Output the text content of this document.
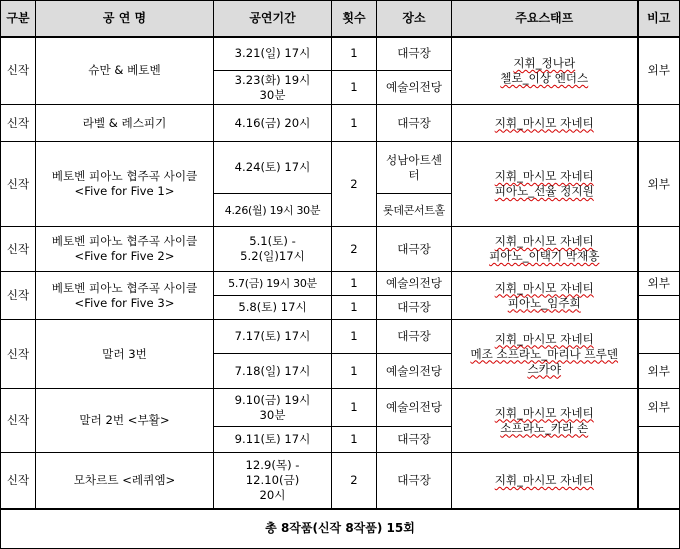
구분	공 연 명	공연기간	횟수	장소	주요스태프	비고
신작	슈만 & 베토벤	3.21(일) 17시	1	대극장	지휘_정나라
첼로_이상 엔더스	외부
		3.23(화) 19시
30분	1	예술의전당		
신작	라벨 & 레스피기	4.16(금) 20시	1	대극장	지휘_마시모 자네티	
신작	베토벤 피아노 협주곡 사이클
<Five for Five 1>	4.24(토) 17시	2	성남아트센
터	지휘_마시모 자네티
피아노_선율 정지원	외부
		4.26(월) 19시 30분		롯데콘서트홀		
신작	베토벤 피아노 협주곡 사이클
<Five for Five 2>	5.1(토) -
5.2(일)17시	2	대극장	지휘_마시모 자네티
피아노_이택기 박재홍	
신작	베토벤 피아노 협주곡 사이클
<Five for Five 3>	5.7(금) 19시 30분	1	예술의전당	지휘_마시모 자네티
피아노_임주희	외부
		5.8(토) 17시	1	대극장		
신작	말러 3번	7.17(토) 17시	1	대극장	지휘_마시모 자네티
메조 소프라노_마리나 프루덴
스카야	
		7.18(일) 17시	1	예술의전당		외부
신작	말러 2번 <부활>	9.10(금) 19시
30분	1	예술의전당	지휘_마시모 자네티
소프라노_카라 손	외부
		9.11(토) 17시	1	대극장		
신작	모차르트 <레퀴엠>	12.9(목) -
12.10(금)
20시	2	대극장	지휘_마시모 자네티	
총 8작품(신작 8작품) 15회						
